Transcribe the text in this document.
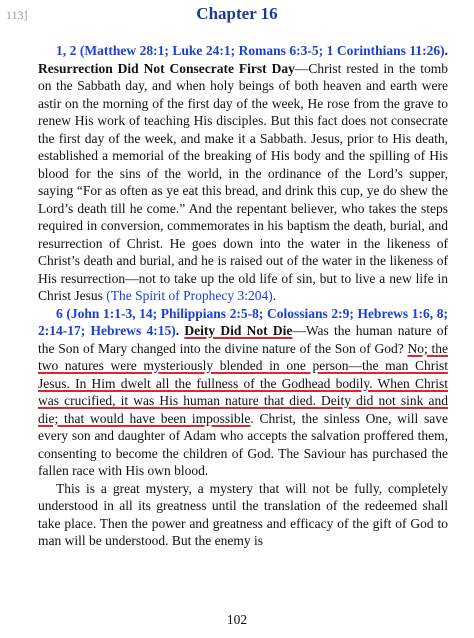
113]	Chapter 16

1, 2 (Matthew 28:1; Luke 24:1; Romans 6:3-5; 1 Corinthians 11:26). Resurrection Did Not Consecrate First Day—Christ rested in the tomb on the Sabbath day, and when holy beings of both heaven and earth were astir on the morning of the first day of the week, He rose from the grave to renew His work of teaching His disciples. But this fact does not consecrate the first day of the week, and make it a Sabbath. Jesus, prior to His death, established a memorial of the breaking of His body and the spilling of His blood for the sins of the world, in the ordinance of the Lord’s supper, saying “For as often as ye eat this bread, and drink this cup, ye do shew the Lord’s death till he come.” And the repentant believer, who takes the steps required in conversion, commemorates in his baptism the death, burial, and resurrection of Christ. He goes down into the water in the likeness of Christ’s death and burial, and he is raised out of the water in the likeness of His resurrection—not to take up the old life of sin, but to live a new life in Christ Jesus (The Spirit of Prophecy 3:204).

6 (John 1:1-3, 14; Philippians 2:5-8; Colossians 2:9; Hebrews 1:6, 8; 2:14-17; Hebrews 4:15). Deity Did Not Die—Was the human nature of the Son of Mary changed into the divine nature of the Son of God? No; the two natures were mysteriously blended in one person—the man Christ Jesus. In Him dwelt all the fullness of the Godhead bodily. When Christ was crucified, it was His human nature that died. Deity did not sink and die; that would have been impossible. Christ, the sinless One, will save every son and daughter of Adam who accepts the salvation proffered them, consenting to become the children of God. The Saviour has purchased the fallen race with His own blood.

This is a great mystery, a mystery that will not be fully, completely understood in all its greatness until the translation of the redeemed shall take place. Then the power and greatness and efficacy of the gift of God to man will be understood. But the enemy is

102
